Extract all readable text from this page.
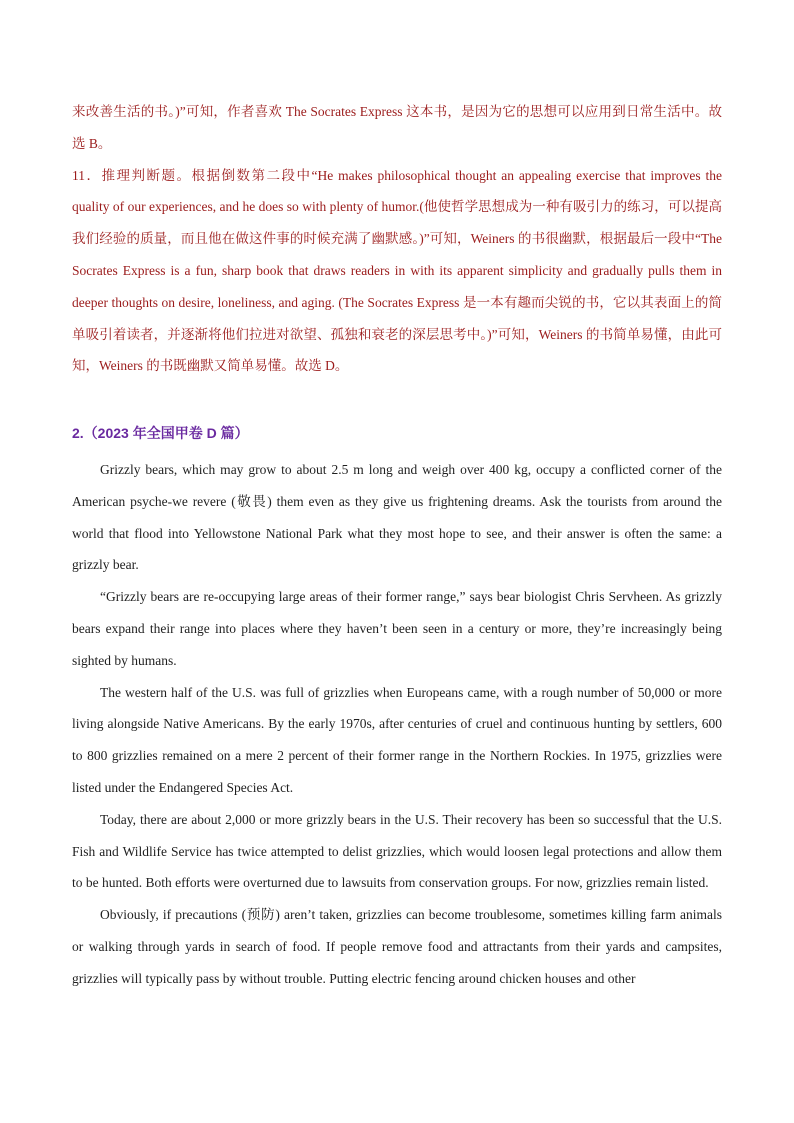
来改善生活的书。)”可知，作者喜欢 The Socrates Express 这本书，是因为它的思想可以应用到日常生活中。故选 B。

11．推理判断题。根据倒数第二段中“He makes philosophical thought an appealing exercise that improves the quality of our experiences, and he does so with plenty of humor.(他使哲学思想成为一种有吸引力的练习，可以提高我们经验的质量，而且他在做这件事的时候充满了幽默感。)”可知，Weiners 的书很幽默，根据最后一段中“The Socrates Express is a fun, sharp book that draws readers in with its apparent simplicity and gradually pulls them in deeper thoughts on desire, loneliness, and aging. (The Socrates Express 是一本有趣而尖锐的书，它以其表面上的简单吸引着读者，并逐渐将他们拉进对欲望、孤独和衰老的深层思考中。)”可知，Weiners 的书简单易懂，由此可知，Weiners 的书既幽默又简单易懂。故选 D。

2.（2023 年全国甲卷 D 篇）

Grizzly bears, which may grow to about 2.5 m long and weigh over 400 kg, occupy a conflicted corner of the American psyche-we revere (敬畏) them even as they give us frightening dreams. Ask the tourists from around the world that flood into Yellowstone National Park what they most hope to see, and their answer is often the same: a grizzly bear.

“Grizzly bears are re-occupying large areas of their former range,” says bear biologist Chris Servheen. As grizzly bears expand their range into places where they haven’t been seen in a century or more, they’re increasingly being sighted by humans.

The western half of the U.S. was full of grizzlies when Europeans came, with a rough number of 50,000 or more living alongside Native Americans. By the early 1970s, after centuries of cruel and continuous hunting by settlers, 600 to 800 grizzlies remained on a mere 2 percent of their former range in the Northern Rockies. In 1975, grizzlies were listed under the Endangered Species Act.

Today, there are about 2,000 or more grizzly bears in the U.S. Their recovery has been so successful that the U.S. Fish and Wildlife Service has twice attempted to delist grizzlies, which would loosen legal protections and allow them to be hunted. Both efforts were overturned due to lawsuits from conservation groups. For now, grizzlies remain listed.

Obviously, if precautions (预防) aren’t taken, grizzlies can become troublesome, sometimes killing farm animals or walking through yards in search of food. If people remove food and attractants from their yards and campsites, grizzlies will typically pass by without trouble. Putting electric fencing around chicken houses and other
